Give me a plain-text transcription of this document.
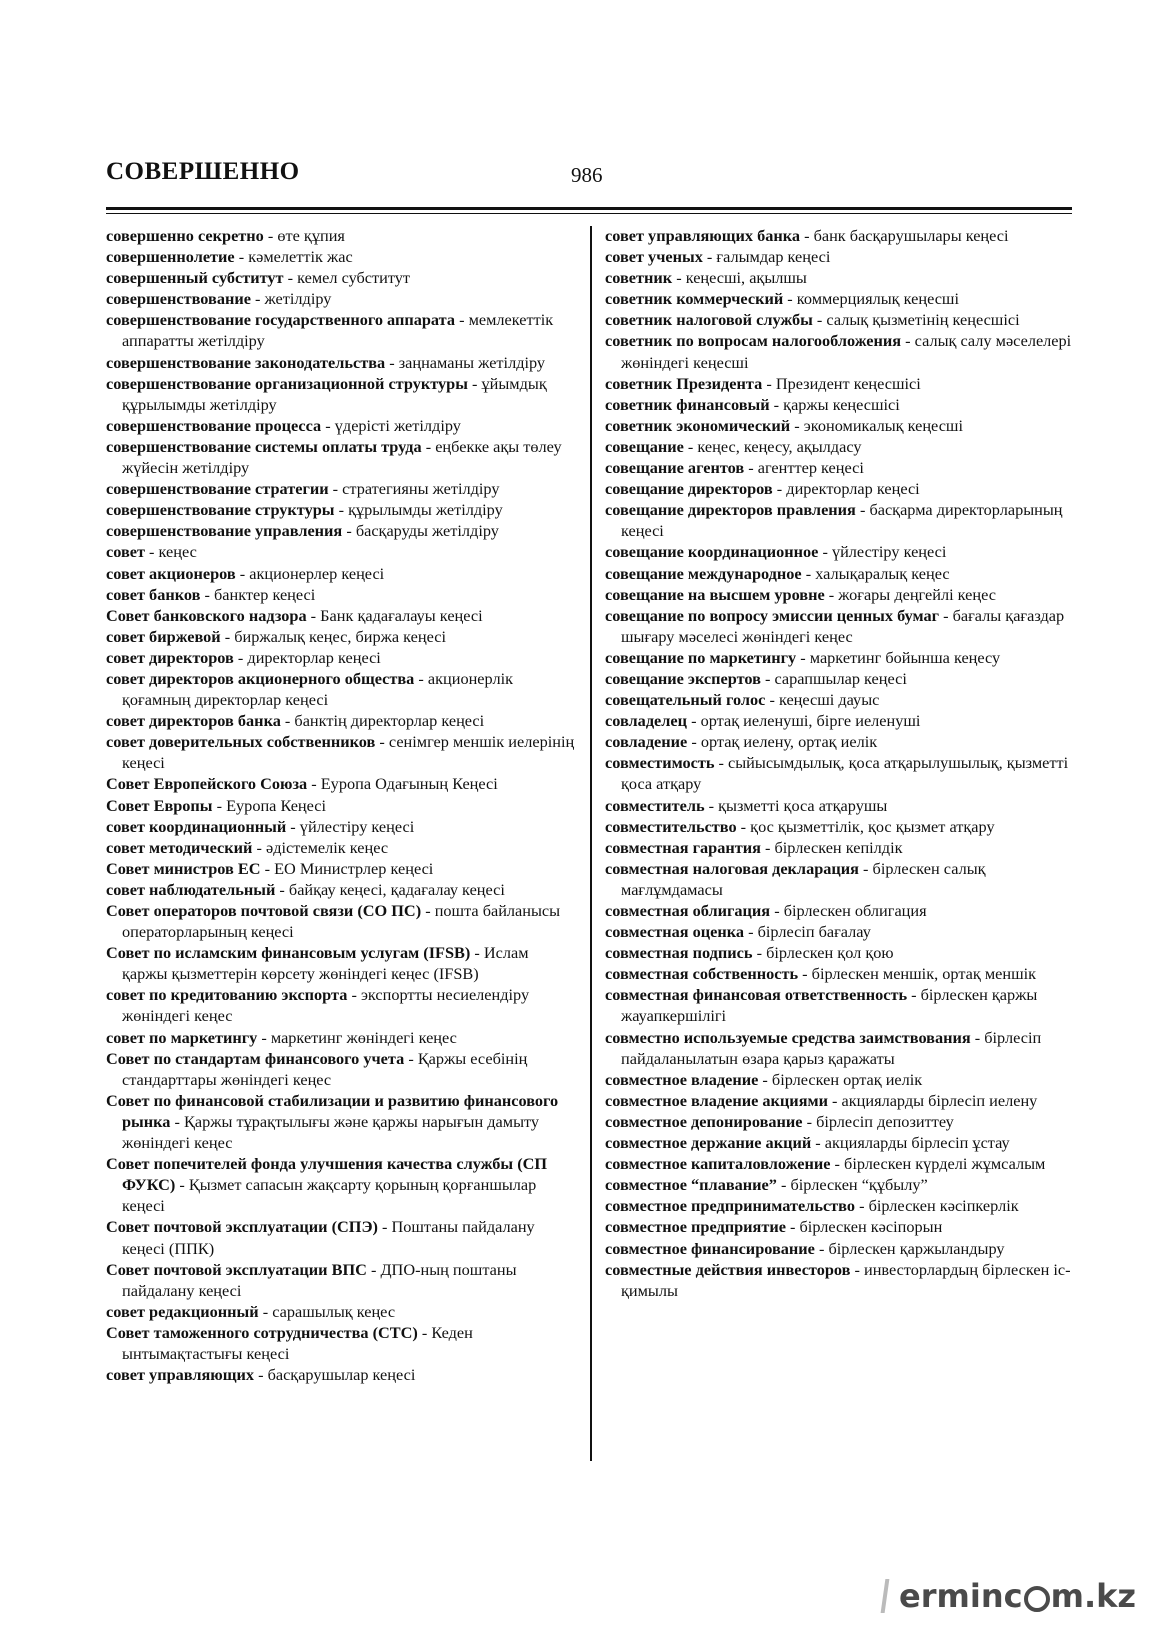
СОВЕРШЕННО	986
совершенно секретно - өте құпия
совершеннолетие - кәмелеттік жас
совершенный субститут - кемел субститут
совершенствование - жетілдіру
совершенствование государственного аппарата - мемлекеттік аппаратты жетілдіру
совершенствование законодательства - заңнаманы жетілдіру
совершенствование организационной структуры - ұйымдық құрылымды жетілдіру
совершенствование процесса - үдерісті жетілдіру
совершенствование системы оплаты труда - еңбекке ақы төлеу жүйесін жетілдіру
совершенствование стратегии - стратегияны жетілдіру
совершенствование структуры - құрылымды жетілдіру
совершенствование управления - басқаруды жетілдіру
совет - кеңес
совет акционеров - акционерлер кеңесі
совет банков - банктер кеңесі
Совет банковского надзора - Банк қадағалауы кеңесі
совет биржевой - биржалық кеңес, биржа кеңесі
совет директоров - директорлар кеңесі
совет директоров акционерного общества - акционерлік қоғамның директорлар кеңесі
совет директоров банка - банктің директорлар кеңесі
совет доверительных собственников - сенімгер меншік иелерінің кеңесі
Совет Европейского Союза - Еуропа Одағының Кеңесі
Совет Европы - Еуропа Кеңесі
совет координационный - үйлестіру кеңесі
совет методический - әдістемелік кеңес
Совет министров ЕС - ЕО Министрлер кеңесі
совет наблюдательный - байқау кеңесі, қадағалау кеңесі
Совет операторов почтовой связи (СО ПС) - пошта байланысы операторларының кеңесі
Совет по исламским финансовым услугам (IFSB) - Ислам қаржы қызметтерін көрсету жөніндегі кеңес (IFSB)
совет по кредитованию экспорта - экспортты несиелендіру жөніндегі кеңес
совет по маркетингу - маркетинг жөніндегі кеңес
Совет по стандартам финансового учета - Қаржы есебінің стандарттары жөніндегі кеңес
Совет по финансовой стабилизации и развитию финансового рынка - Қаржы тұрақтылығы және қаржы нарығын дамыту жөніндегі кеңес
Совет попечителей фонда улучшения качества службы (СП ФУКС) - Қызмет сапасын жақсарту қорының қорғаншылар кеңесі
Совет почтовой эксплуатации (СПЭ) - Поштаны пайдалану кеңесі (ППК)
Совет почтовой эксплуатации ВПС - ДПО-ның поштаны пайдалану кеңесі
совет редакционный - сарашылық кеңес
Совет таможенного сотрудничества (СТС) - Кеден ынтымақтастығы кеңесі
совет управляющих - басқарушылар кеңесі
совет управляющих банка - банк басқарушылары кеңесі
совет ученых - ғалымдар кеңесі
советник - кеңесші, ақылшы
советник коммерческий - коммерциялық кеңесші
советник налоговой службы - салық қызметінің кеңесшісі
советник по вопросам налогообложения - салық салу мәселелері жөніндегі кеңесші
советник Президента - Президент кеңесшісі
советник финансовый - қаржы кеңесшісі
советник экономический - экономикалық кеңесші
совещание - кеңес, кеңесу, ақылдасу
совещание агентов - агенттер кеңесі
совещание директоров - директорлар кеңесі
совещание директоров правления - басқарма директорларының кеңесі
совещание координационное - үйлестіру кеңесі
совещание международное - халықаралық кеңес
совещание на высшем уровне - жоғары деңгейлі кеңес
совещание по вопросу эмиссии ценных бумаг - бағалы қағаздар шығару мәселесі жөніндегі кеңес
совещание по маркетингу - маркетинг бойынша кеңесу
совещание экспертов - сарапшылар кеңесі
совещательный голос - кеңесші дауыс
совладелец - ортақ иеленуші, бірге иеленуші
совладение - ортақ иелену, ортақ иелік
совместимость - сыйысымдылық, қоса атқарылушылық, қызметті қоса атқару
совместитель - қызметті қоса атқарушы
совместительство - қос қызметтілік, қос қызмет атқару
совместная гарантия - бірлескен кепілдік
совместная налоговая декларация - бірлескен салық мағлұмдамасы
совместная облигация - бірлескен облигация
совместная оценка - бірлесіп бағалау
совместная подпись - бірлескен қол қою
совместная собственность - бірлескен меншік, ортақ меншік
совместная финансовая ответственность - бірлескен қаржы жауапкершілігі
совместно используемые средства заимствования - бірлесіп пайдаланылатын өзара қарыз қаражаты
совместное владение - бірлескен ортақ иелік
совместное владение акциями - акцияларды бірлесіп иелену
совместное депонирование - бірлесіп депозиттеу
совместное держание акций - акцияларды бірлесіп ұстау
совместное капиталовложение - бірлескен күрделі жұмсалым
совместное “плавание” - бірлескен “құбылу”
совместное предпринимательство - бірлескен кәсіпкерлік
совместное предприятие - бірлескен кәсіпорын
совместное финансирование - бірлескен қаржыландыру
совместные действия инвесторов - инвесторлардың бірлескен іс-қимылы
ermin c m.kz
